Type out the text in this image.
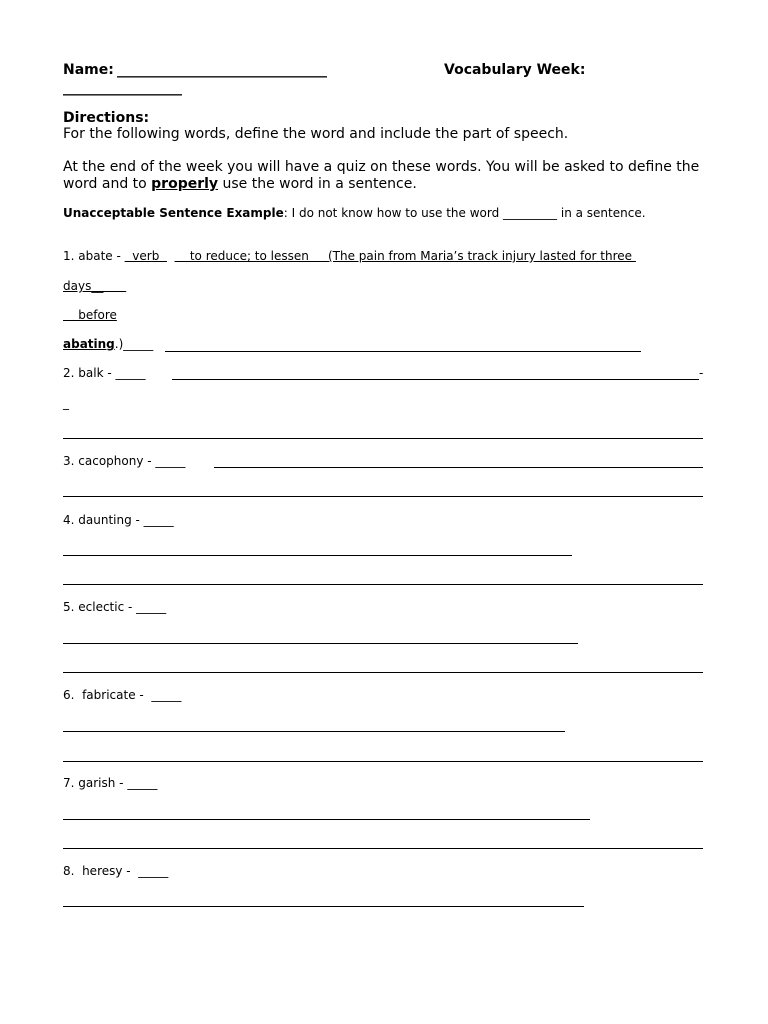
Name: ______________________________	Vocabulary Week:
_________________
Directions:
For the following words, define the word and include the part of speech.
At the end of the week you will have a quiz on these words. You will be asked to define the
word and to properly use the word in a sentence.
Unacceptable Sentence Example: I do not know how to use the word _________ in a sentence.
1. abate -   verb        to reduce; to lessen     (The pain from Maria’s track injury lasted for three
days__
before
abating.)_____
2. balk - _____	-
_
3. cacophony - _____
4. daunting - _____
5. eclectic - _____
6.  fabricate -  _____
7. garish - _____
8.  heresy -  _____
